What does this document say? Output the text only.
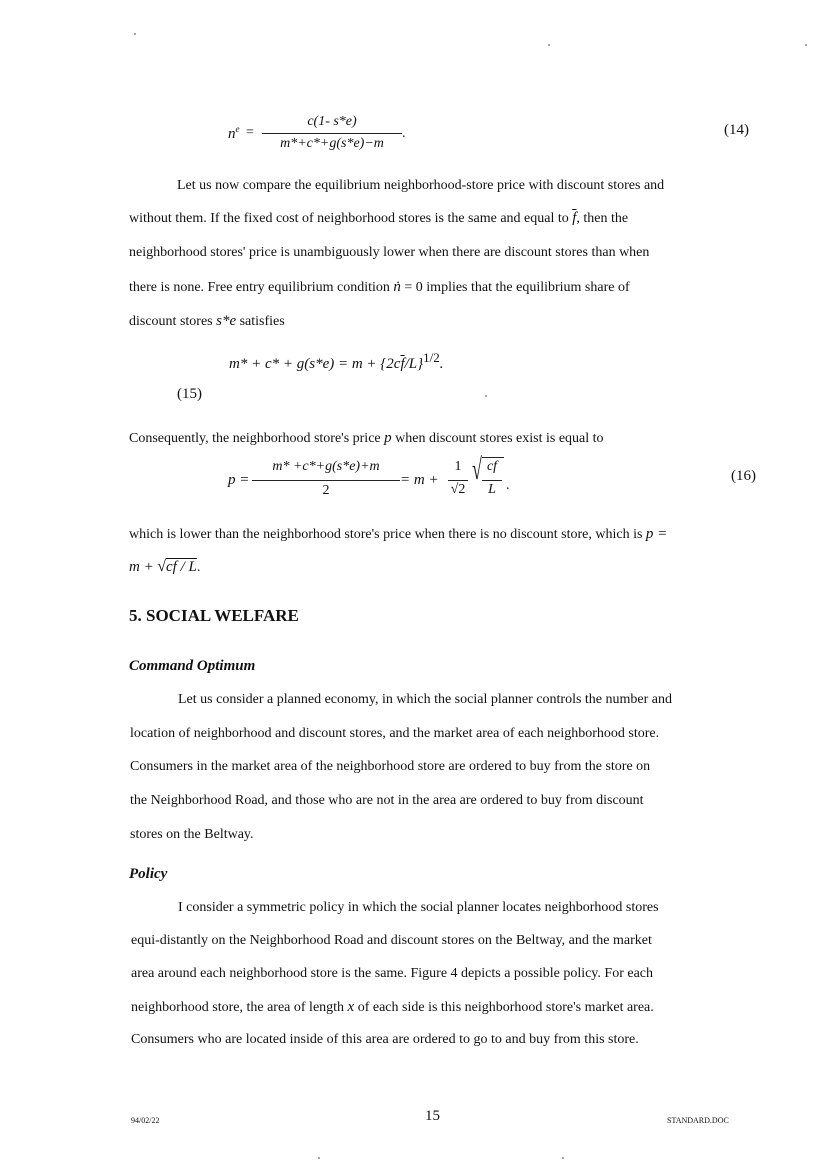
$n^e$ =
c(1- s*e)
m*+c*+g(s*e)−m
.	(14)
Let us now compare the equilibrium neighborhood-store price with discount stores and
without them. If the fixed cost of neighborhood stores is the same and equal to $\overline{f}$, then the
neighborhood stores' price is unambiguously lower when there are discount stores than when
there is none. Free entry equilibrium condition ṅ = 0 implies that the equilibrium share of
discount stores s*e satisfies
$m* + c* + g(s*e) = m + \{2c\overline{f}/L\}^{1/2}$.
(15)
Consequently, the neighborhood store's price p when discount stores exist is equal to
p =
m* +c*+g(s*e)+m
2
= m +
1
√2
√ cf
L .
(16)
which is lower than the neighborhood store's price when there is no discount store, which is p =
m + √cf / L.
5. SOCIAL WELFARE
Command Optimum
Let us consider a planned economy, in which the social planner controls the number and
location of neighborhood and discount stores, and the market area of each neighborhood store.
Consumers in the market area of the neighborhood store are ordered to buy from the store on
the Neighborhood Road, and those who are not in the area are ordered to buy from discount
stores on the Beltway.
Policy
I consider a symmetric policy in which the social planner locates neighborhood stores
equi-distantly on the Neighborhood Road and discount stores on the Beltway, and the market
area around each neighborhood store is the same. Figure 4 depicts a possible policy. For each
neighborhood store, the area of length x of each side is this neighborhood store's market area.
Consumers who are located inside of this area are ordered to go to and buy from this store.
94/02/22	15	STANDARD.DOC
